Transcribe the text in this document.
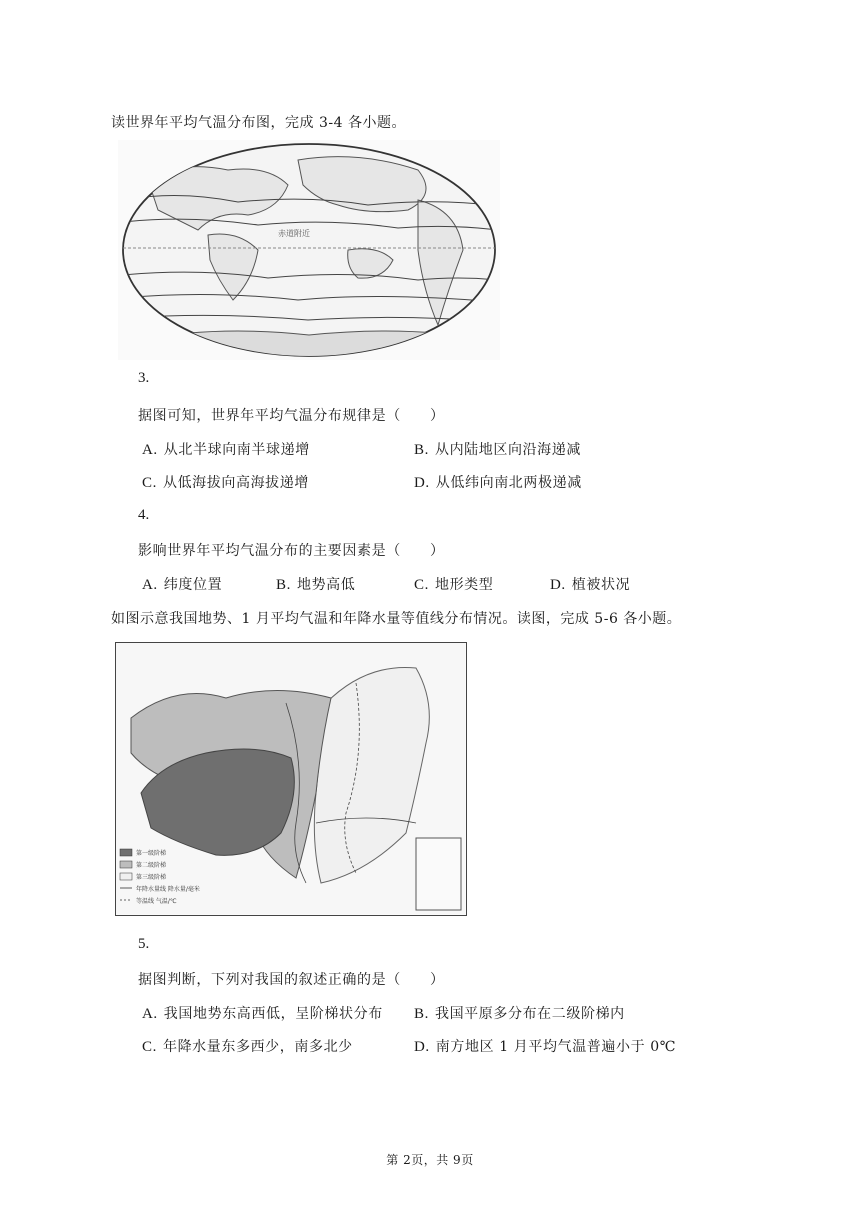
读世界年平均气温分布图，完成 3-4 各小题。
赤道附近
3.
据图可知，世界年平均气温分布规律是（　　）
A. 从北半球向南半球递增	B. 从内陆地区向沿海递减
C. 从低海拔向高海拔递增	D. 从低纬向南北两极递减
4.
影响世界年平均气温分布的主要因素是（　　）
A. 纬度位置	B. 地势高低	C. 地形类型	D. 植被状况
如图示意我国地势、1 月平均气温和年降水量等值线分布情况。读图，完成 5-6 各小题。
第一级阶梯
第二级阶梯
第三级阶梯
年降水量线 降水量/毫米
等温线 气温/℃
5.
据图判断，下列对我国的叙述正确的是（　　）
A. 我国地势东高西低，呈阶梯状分布 B. 我国平原多分布在二级阶梯内
C. 年降水量东多西少，南多北少	D. 南方地区 1 月平均气温普遍小于 0℃
第 2页，共 9页
